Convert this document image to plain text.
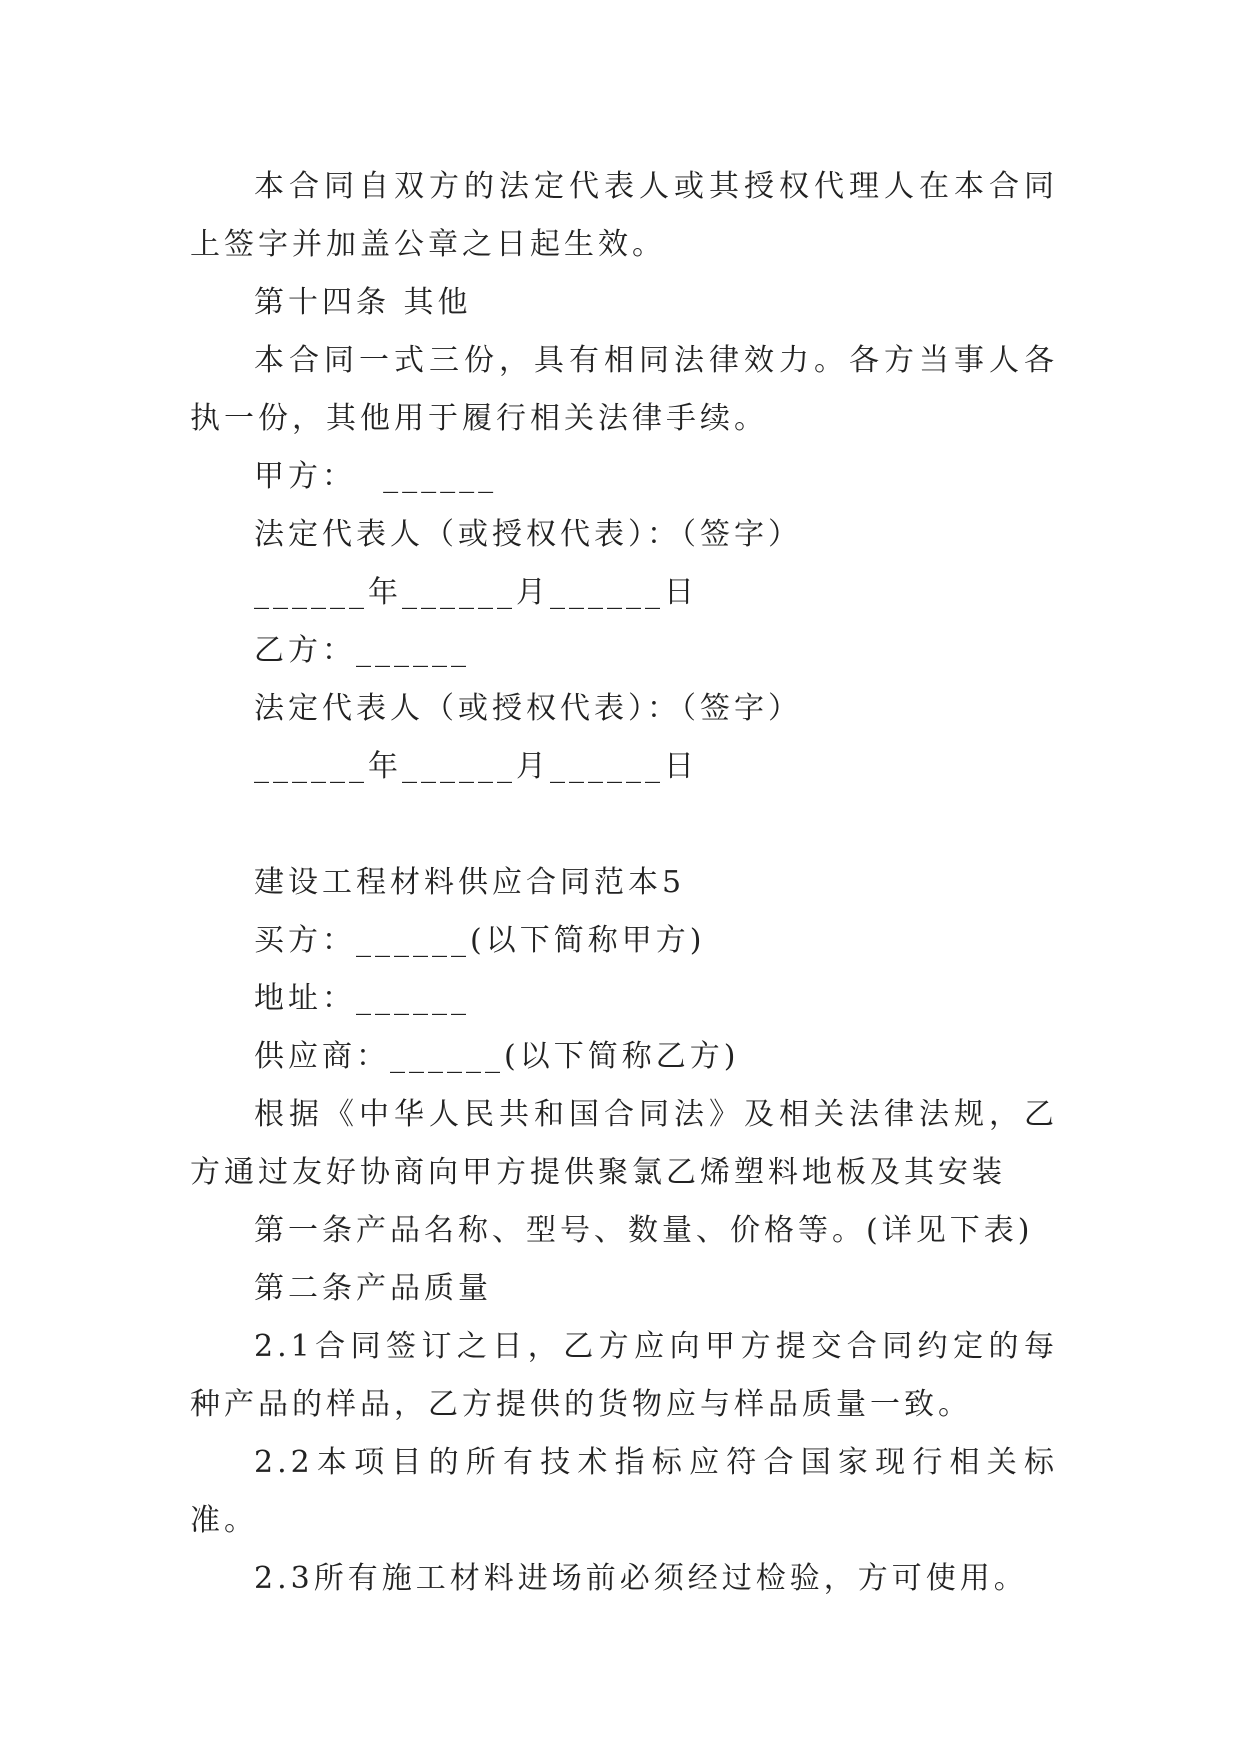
本合同自双方的法定代表人或其授权代理人在本合同上签字并加盖公章之日起生效。

第十四条 其他

本合同一式三份，具有相同法律效力。各方当事人各执一份，其他用于履行相关法律手续。

甲方：  ______

法定代表人（或授权代表）：（签字）

______年______月______日

乙方：______

法定代表人（或授权代表）：（签字）

______年______月______日

建设工程材料供应合同范本5

买方：______(以下简称甲方)

地址：______

供应商：______(以下简称乙方)

根据《中华人民共和国合同法》及相关法律法规，乙方通过友好协商向甲方提供聚氯乙烯塑料地板及其安装

第一条产品名称、型号、数量、价格等。(详见下表)

第二条产品质量

2.1合同签订之日，乙方应向甲方提交合同约定的每种产品的样品，乙方提供的货物应与样品质量一致。

2.2本项目的所有技术指标应符合国家现行相关标准。

2.3所有施工材料进场前必须经过检验，方可使用。
